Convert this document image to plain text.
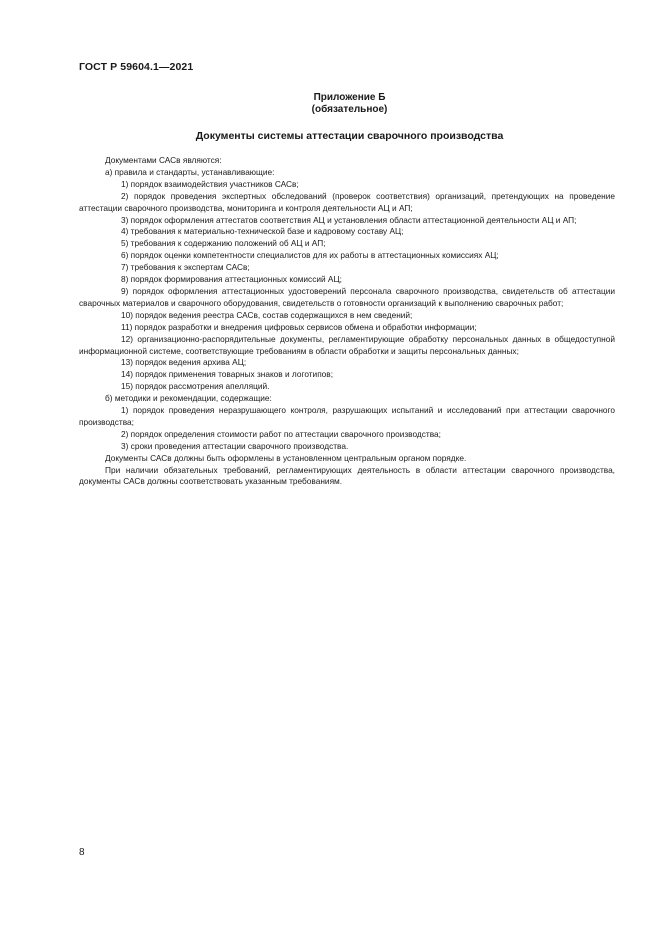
ГОСТ Р 59604.1—2021
Приложение Б
(обязательное)
Документы системы аттестации сварочного производства

Документами САСв являются:

а) правила и стандарты, устанавливающие:

1) порядок взаимодействия участников САСв;

2) порядок проведения экспертных обследований (проверок соответствия) организаций, претендующих на проведение аттестации сварочного производства, мониторинга и контроля деятельности АЦ и АП;

3) порядок оформления аттестатов соответствия АЦ и установления области аттестационной деятельности АЦ и АП;

4) требования к материально-технической базе и кадровому составу АЦ;

5) требования к содержанию положений об АЦ и АП;

6) порядок оценки компетентности специалистов для их работы в аттестационных комиссиях АЦ;

7) требования к экспертам САСв;

8) порядок формирования аттестационных комиссий АЦ;

9) порядок оформления аттестационных удостоверений персонала сварочного производства, свидетельств об аттестации сварочных материалов и сварочного оборудования, свидетельств о готовности организаций к выполнению сварочных работ;

10) порядок ведения реестра САСв, состав содержащихся в нем сведений;

11) порядок разработки и внедрения цифровых сервисов обмена и обработки информации;

12) организационно-распорядительные документы, регламентирующие обработку персональных данных в общедоступной информационной системе, соответствующие требованиям в области обработки и защиты персональных данных;

13) порядок ведения архива АЦ;

14) порядок применения товарных знаков и логотипов;

15) порядок рассмотрения апелляций.

б) методики и рекомендации, содержащие:

1) порядок проведения неразрушающего контроля, разрушающих испытаний и исследований при аттестации сварочного производства;

2) порядок определения стоимости работ по аттестации сварочного производства;

3) сроки проведения аттестации сварочного производства.

Документы САСв должны быть оформлены в установленном центральным органом порядке.

При наличии обязательных требований, регламентирующих деятельность в области аттестации сварочного производства, документы САСв должны соответствовать указанным требованиям.

8
